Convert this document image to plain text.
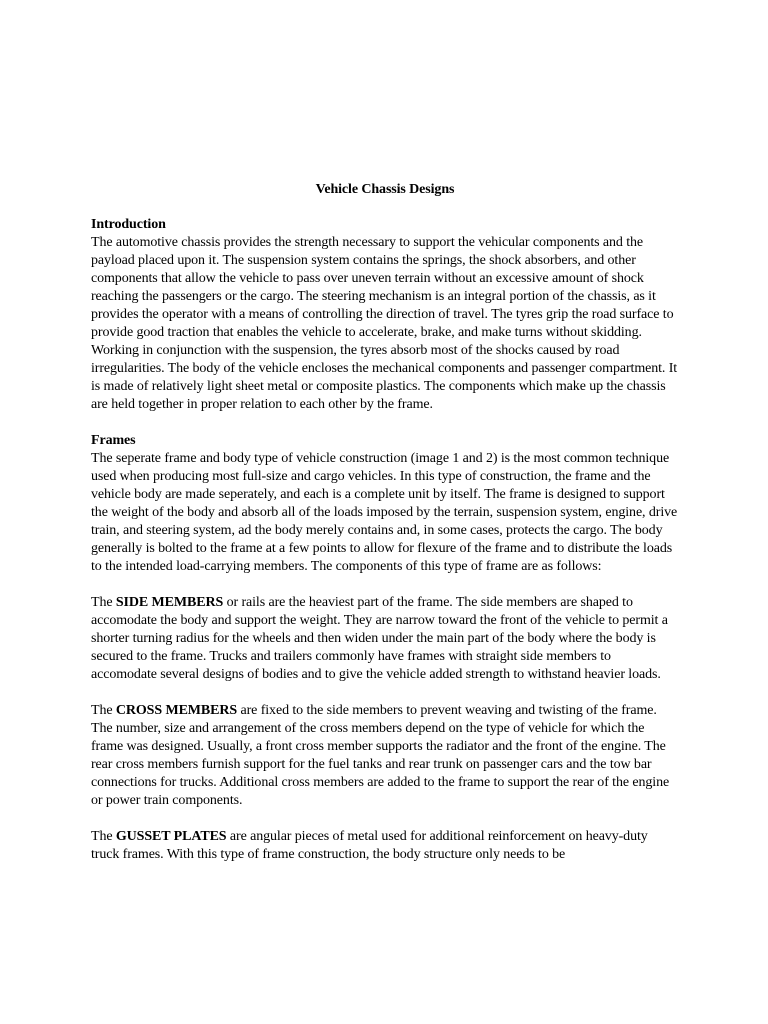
Vehicle Chassis Designs
Introduction

The automotive chassis provides the strength necessary to support the vehicular components and the payload placed upon it. The suspension system contains the springs, the shock absorbers, and other components that allow the vehicle to pass over uneven terrain without an excessive amount of shock reaching the passengers or the cargo. The steering mechanism is an integral portion of the chassis, as it provides the operator with a means of controlling the direction of travel. The tyres grip the road surface to provide good traction that enables the vehicle to accelerate, brake, and make turns without skidding. Working in conjunction with the suspension, the tyres absorb most of the shocks caused by road irregularities. The body of the vehicle encloses the mechanical components and passenger compartment. It is made of relatively light sheet metal or composite plastics. The components which make up the chassis are held together in proper relation to each other by the frame.

Frames

The seperate frame and body type of vehicle construction (image 1 and 2) is the most common technique used when producing most full-size and cargo vehicles. In this type of construction, the frame and the vehicle body are made seperately, and each is a complete unit by itself. The frame is designed to support the weight of the body and absorb all of the loads imposed by the terrain, suspension system, engine, drive train, and steering system, ad the body merely contains and, in some cases, protects the cargo. The body generally is bolted to the frame at a few points to allow for flexure of the frame and to distribute the loads to the intended load-carrying members. The components of this type of frame are as follows:

The SIDE MEMBERS or rails are the heaviest part of the frame. The side members are shaped to accomodate the body and support the weight. They are narrow toward the front of the vehicle to permit a shorter turning radius for the wheels and then widen under the main part of the body where the body is secured to the frame. Trucks and trailers commonly have frames with straight side members to accomodate several designs of bodies and to give the vehicle added strength to withstand heavier loads.

The CROSS MEMBERS are fixed to the side members to prevent weaving and twisting of the frame. The number, size and arrangement of the cross members depend on the type of vehicle for which the frame was designed. Usually, a front cross member supports the radiator and the front of the engine. The rear cross members furnish support for the fuel tanks and rear trunk on passenger cars and the tow bar connections for trucks. Additional cross members are added to the frame to support the rear of the engine or power train components.

The GUSSET PLATES are angular pieces of metal used for additional reinforcement on heavy-duty truck frames. With this type of frame construction, the body structure only needs to be
